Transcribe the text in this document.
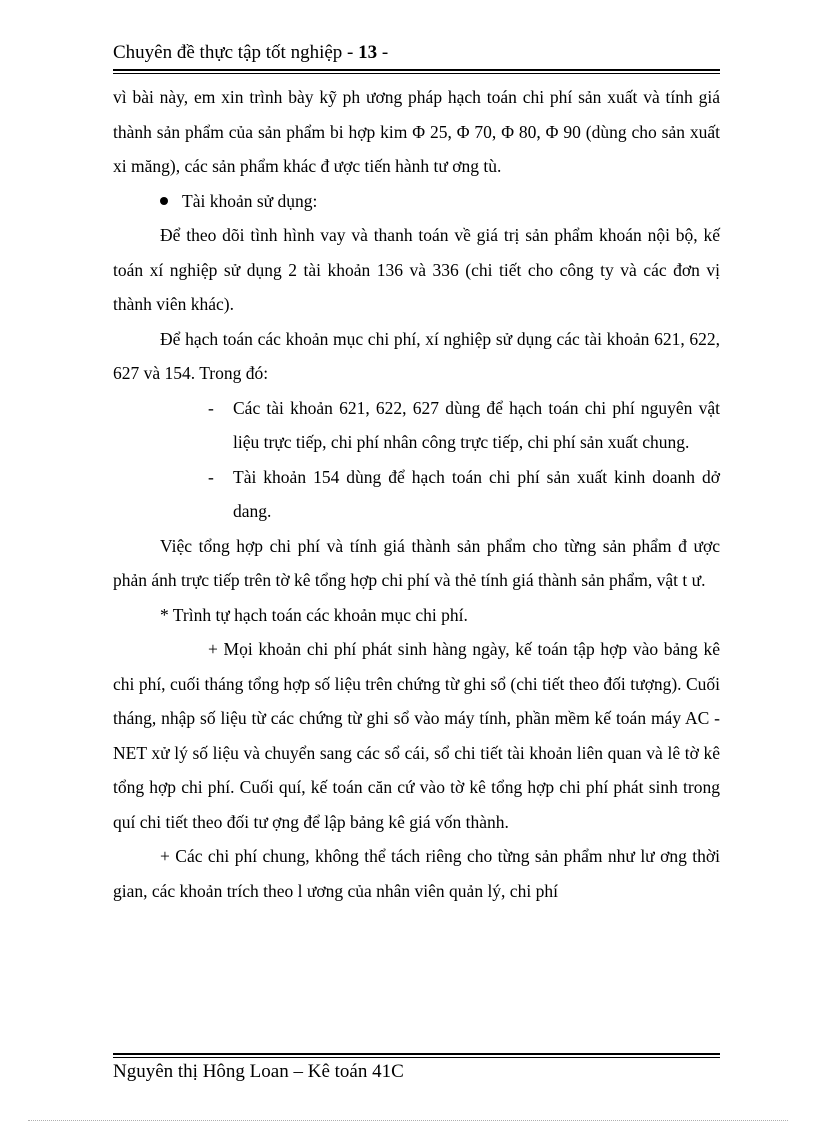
Chuyên đề thực tập tốt nghiệp - 13 -

vì bài này, em xin trình bày kỹ ph ương pháp hạch toán chi phí sản xuất và tính giá thành sản phẩm của sản phẩm bi hợp kim Φ 25, Φ 70, Φ 80, Φ 90 (dùng cho sản xuất xi măng), các sản phẩm khác đ ược tiến hành tư ơng tù.

Tài khoản sử dụng:

Để theo dõi tình hình vay và thanh toán về giá trị sản phẩm khoán nội bộ, kế toán xí nghiệp sử dụng 2 tài khoản 136 và 336 (chi tiết cho công ty và các đơn vị thành viên khác).

Để hạch toán các khoản mục chi phí, xí nghiệp sử dụng các tài khoản 621, 622, 627 và 154. Trong đó:

- Các tài khoản 621, 622, 627 dùng để hạch toán chi phí nguyên vật liệu trực tiếp, chi phí nhân công trực tiếp, chi phí sản xuất chung.

- Tài khoản 154 dùng để hạch toán chi phí sản xuất kinh doanh dở dang.

Việc tổng hợp chi phí và tính giá thành sản phẩm cho từng sản phẩm đ ược phản ánh trực tiếp trên tờ kê tổng hợp chi phí và thẻ tính giá thành sản phẩm, vật t ư.

* Trình tự hạch toán các khoản mục chi phí.

+ Mọi khoản chi phí phát sinh hàng ngày, kế toán tập hợp vào bảng kê chi phí, cuối tháng tổng hợp số liệu trên chứng từ ghi sổ (chi tiết theo đối tượng). Cuối tháng, nhập số liệu từ các chứng từ ghi sổ vào máy tính, phần mềm kế toán máy AC - NET xử lý số liệu và chuyển sang các sổ cái, sổ chi tiết tài khoản liên quan và lê tờ kê tổng hợp chi phí. Cuối quí, kế toán căn cứ vào tờ kê tổng hợp chi phí phát sinh trong quí chi tiết theo đối tư ợng để lập bảng kê giá vốn thành.

+ Các chi phí chung, không thể tách riêng cho từng sản phẩm như lư ơng thời gian, các khoản trích theo l ương của nhân viên quản lý, chi phí

Nguyên thị Hông Loan – Kê toán 41C
